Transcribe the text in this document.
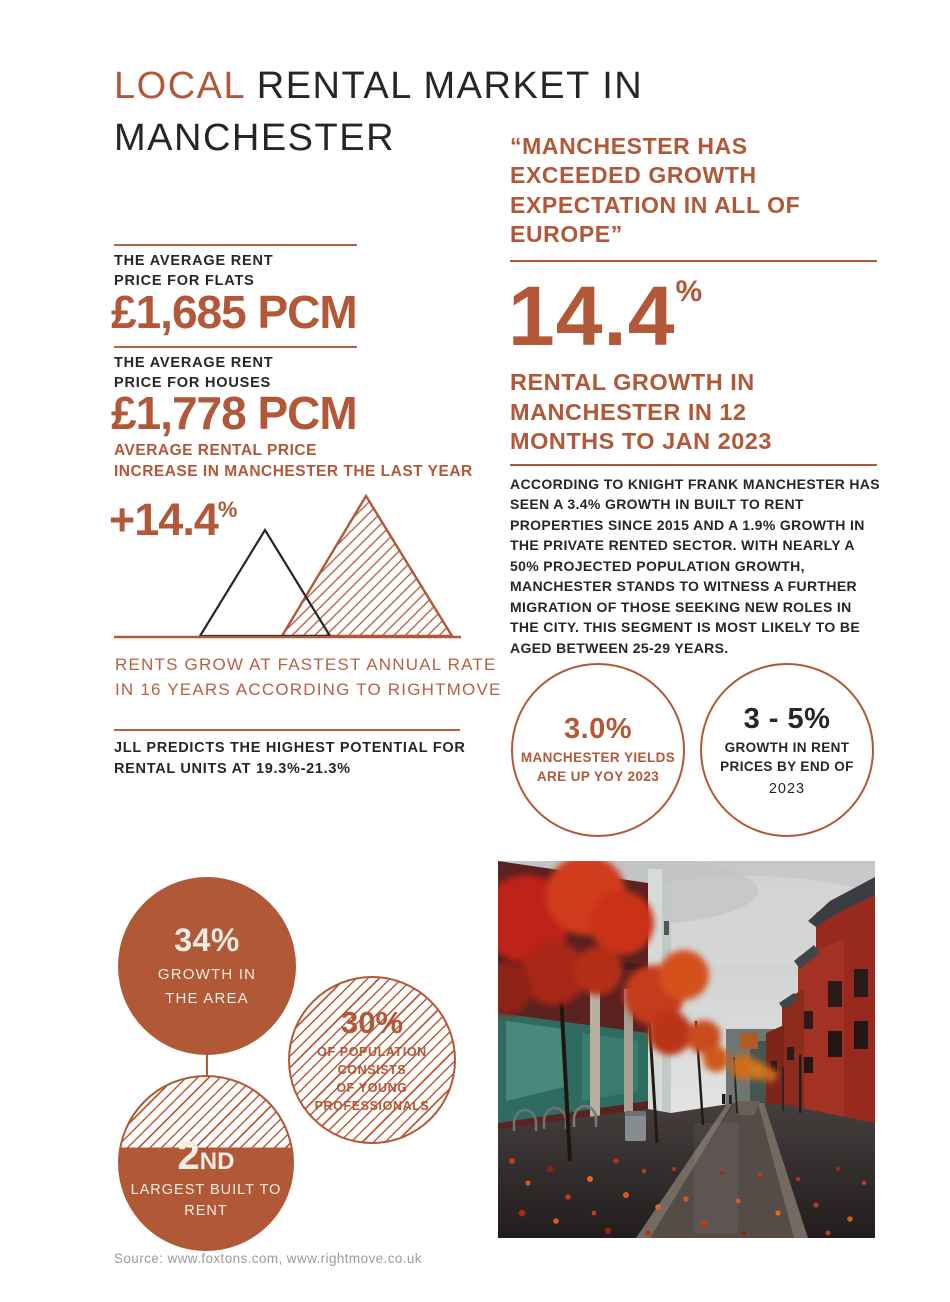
LOCAL RENTAL MARKET IN MANCHESTER	“MANCHESTER HAS
EXCEEDED GROWTH
EXPECTATION IN ALL OF
EUROPE”
THE AVERAGE RENT
PRICE FOR FLATS
£1,685 PCM
THE AVERAGE RENT
PRICE FOR HOUSES
£1,778 PCM
AVERAGE RENTAL PRICE
INCREASE IN MANCHESTER THE LAST YEAR
+14.4%
RENTS GROW AT FASTEST ANNUAL RATE
IN 16 YEARS ACCORDING TO RIGHTMOVE
JLL PREDICTS THE HIGHEST POTENTIAL FOR
RENTAL UNITS AT 19.3%-21.3%
14.4%
RENTAL GROWTH IN
MANCHESTER IN 12
MONTHS TO JAN 2023
ACCORDING TO KNIGHT FRANK MANCHESTER HAS SEEN A 3.4% GROWTH IN BUILT TO RENT PROPERTIES SINCE 2015 AND A 1.9% GROWTH IN THE PRIVATE RENTED SECTOR. WITH NEARLY A 50% PROJECTED POPULATION GROWTH, MANCHESTER STANDS TO WITNESS A FURTHER MIGRATION OF THOSE SEEKING NEW ROLES IN THE CITY. THIS SEGMENT IS MOST LIKELY TO BE AGED BETWEEN 25-29 YEARS.
3.0%
MANCHESTER YIELDS
ARE UP YOY 2023
3 - 5%
GROWTH IN RENT
PRICES BY END OF
2023
34%
GROWTH IN
THE AREA
30%
OF POPULATION
CONSISTS
OF YOUNG
PROFESSIONALS
2ND
LARGEST BUILT TO
RENT
Source: www.foxtons.com, www.rightmove.co.uk
